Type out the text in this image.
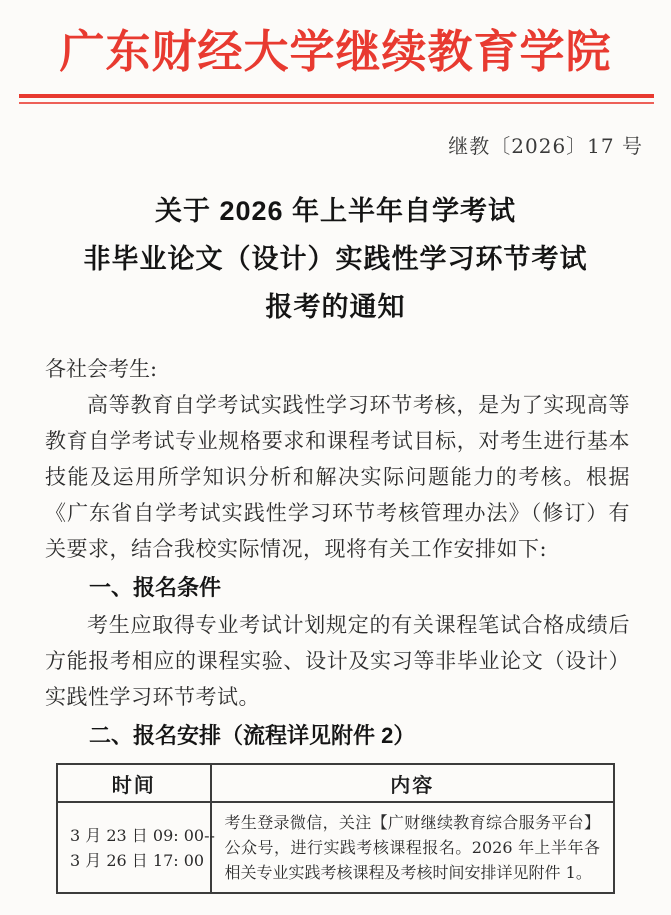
广东财经大学继续教育学院
继教〔2026〕17 号
关于 2026 年上半年自学考试
非毕业论文（设计）实践性学习环节考试
报考的通知
各社会考生:
高等教育自学考试实践性学习环节考核，是为了实现高等教育自学考试专业规格要求和课程考试目标，对考生进行基本技能及运用所学知识分析和解决实际问题能力的考核。根据《广东省自学考试实践性学习环节考核管理办法》（修订）有关要求，结合我校实际情况，现将有关工作安排如下:
一、报名条件
考生应取得专业考试计划规定的有关课程笔试合格成绩后方能报考相应的课程实验、设计及实习等非毕业论文（设计）实践性学习环节考试。
二、报名安排（流程详见附件 2）
时间	内容

3 月 23 日 09: 00--
3 月 26 日 17: 00	考生登录微信，关注【广财继续教育综合服务平台】公众号，进行实践考核课程报名。2026 年上半年各相关专业实践考核课程及考核时间安排详见附件 1。
